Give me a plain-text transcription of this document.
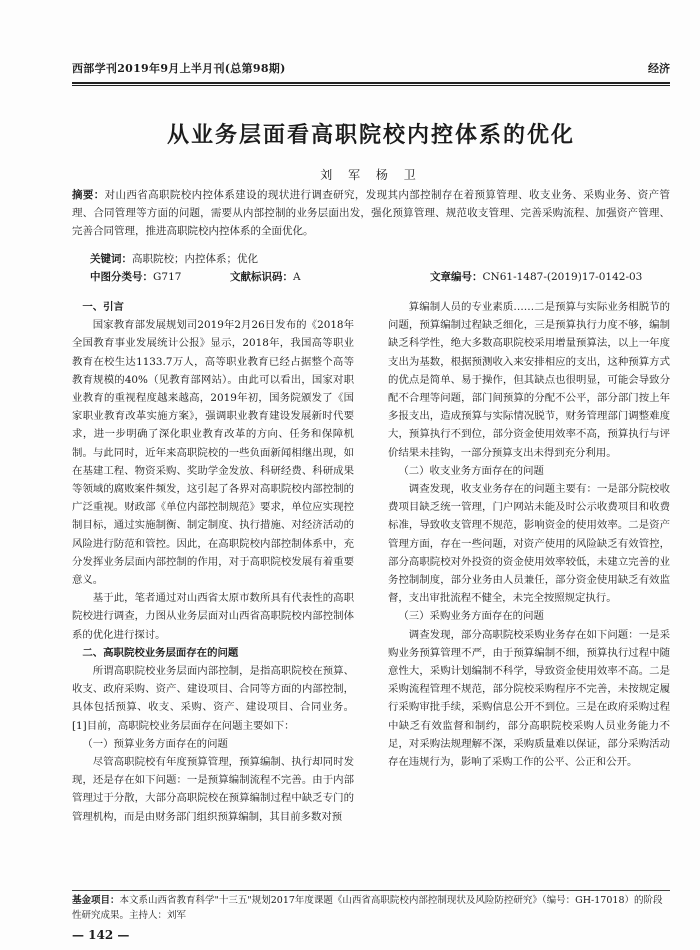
西部学刊2019年9月上半月刊(总第98期)	经济
从业务层面看高职院校内控体系的优化
刘 军 杨 卫
摘要：对山西省高职院校内控体系建设的现状进行调查研究，发现其内部控制存在着预算管理、收支业务、采购业务、资产管理、合同管理等方面的问题，需要从内部控制的业务层面出发，强化预算管理、规范收支管理、完善采购流程、加强资产管理、完善合同管理，推进高职院校内控体系的全面优化。
关键词：高职院校；内控体系；优化
中图分类号：G717	文献标识码：A	文章编号：CN61-1487-(2019)17-0142-03
一、引言

国家教育部发展规划司2019年2月26日发布的《2018年全国教育事业发展统计公报》显示，2018年，我国高等职业教育在校生达1133.7万人，高等职业教育已经占据整个高等教育规模的40%（见教育部网站）。由此可以看出，国家对职业教育的重视程度越来越高，2019年初，国务院颁发了《国家职业教育改革实施方案》，强调职业教育建设发展新时代要求，进一步明确了深化职业教育改革的方向、任务和保障机制。与此同时，近年来高职院校的一些负面新闻相继出现，如在基建工程、物资采购、奖助学金发放、科研经费、科研成果等领域的腐败案件频发，这引起了各界对高职院校内部控制的广泛重视。财政部《单位内部控制规范》要求，单位应实现控制目标，通过实施制衡、制定制度、执行措施、对经济活动的风险进行防范和管控。因此，在高职院校内部控制体系中，充分发挥业务层面内部控制的作用，对于高职院校发展有着重要意义。

基于此，笔者通过对山西省太原市数所具有代表性的高职院校进行调查，力图从业务层面对山西省高职院校内部控制体系的优化进行探讨。

二、高职院校业务层面存在的问题

所谓高职院校业务层面内部控制，是指高职院校在预算、收支、政府采购、资产、建设项目、合同等方面的内部控制，具体包括预算、收支、采购、资产、建设项目、合同业务。[1]目前，高职院校业务层面存在问题主要如下：

（一）预算业务方面存在的问题

尽管高职院校有年度预算管理，预算编制、执行却同时发现，还是存在如下问题：一是预算编制流程不完善。由于内部管理过于分散，大部分高职院校在预算编制过程中缺乏专门的管理机构，而是由财务部门组织预算编制，其目前多数对预

算编制人员的专业素质……二是预算与实际业务相脱节的问题，预算编制过程缺乏细化，三是预算执行力度不够，编制缺乏科学性，绝大多数高职院校采用增量预算法，以上一年度支出为基数，根据预测收入来安排相应的支出，这种预算方式的优点是简单、易于操作，但其缺点也很明显，可能会导致分配不合理等问题，部门间预算的分配不公平，部分部门按上年多报支出，造成预算与实际情况脱节，财务管理部门调整难度大，预算执行不到位，部分资金使用效率不高，预算执行与评价结果未挂钩，一部分预算支出未得到充分利用。

（二）收支业务方面存在的问题

调查发现，收支业务存在的问题主要有：一是部分院校收费项目缺乏统一管理，门户网站未能及时公示收费项目和收费标准，导致收支管理不规范，影响资金的使用效率。二是资产管理方面，存在一些问题，对资产使用的风险缺乏有效管控，部分高职院校对外投资的资金使用效率较低，未建立完善的业务控制制度，部分业务由人员兼任，部分资金使用缺乏有效监督，支出审批流程不健全，未完全按照规定执行。

（三）采购业务方面存在的问题

调查发现，部分高职院校采购业务存在如下问题：一是采购业务预算管理不严，由于预算编制不细，预算执行过程中随意性大，采购计划编制不科学，导致资金使用效率不高。二是采购流程管理不规范，部分院校采购程序不完善，未按规定履行采购审批手续，采购信息公开不到位。三是在政府采购过程中缺乏有效监督和制约，部分高职院校采购人员业务能力不足，对采购法规理解不深，采购质量难以保证，部分采购活动存在违规行为，影响了采购工作的公平、公正和公开。

基金项目：本文系山西省教育科学"十三五"规划2017年度课题《山西省高职院校内部控制现状及风险防控研究》（编号：GH-17018）的阶段性研究成果。主持人：刘军
— 142 —
